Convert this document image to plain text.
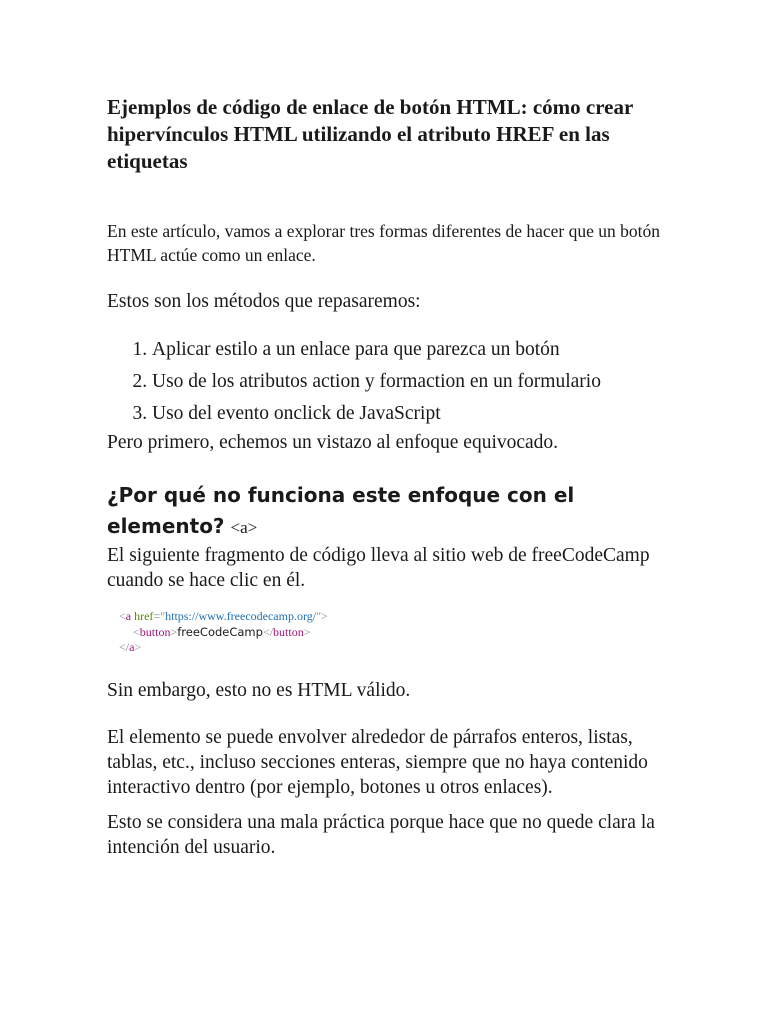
Ejemplos de código de enlace de botón HTML: cómo crear hipervínculos HTML utilizando el atributo HREF en las etiquetas

En este artículo, vamos a explorar tres formas diferentes de hacer que un botón HTML actúe como un enlace.

Estos son los métodos que repasaremos:

1. Aplicar estilo a un enlace para que parezca un botón
2. Uso de los atributos action y formaction en un formulario
3. Uso del evento onclick de JavaScript

Pero primero, echemos un vistazo al enfoque equivocado.

¿Por qué no funciona este enfoque con el elemento? <a>

El siguiente fragmento de código lleva al sitio web de freeCodeCamp cuando se hace clic en él.

<a href="https://www.freecodecamp.org/">
<button>freeCodeCamp</button>
</a>

Sin embargo, esto no es HTML válido.

El elemento se puede envolver alrededor de párrafos enteros, listas, tablas, etc., incluso secciones enteras, siempre que no haya contenido interactivo dentro (por ejemplo, botones u otros enlaces).

Esto se considera una mala práctica porque hace que no quede clara la intención del usuario.
